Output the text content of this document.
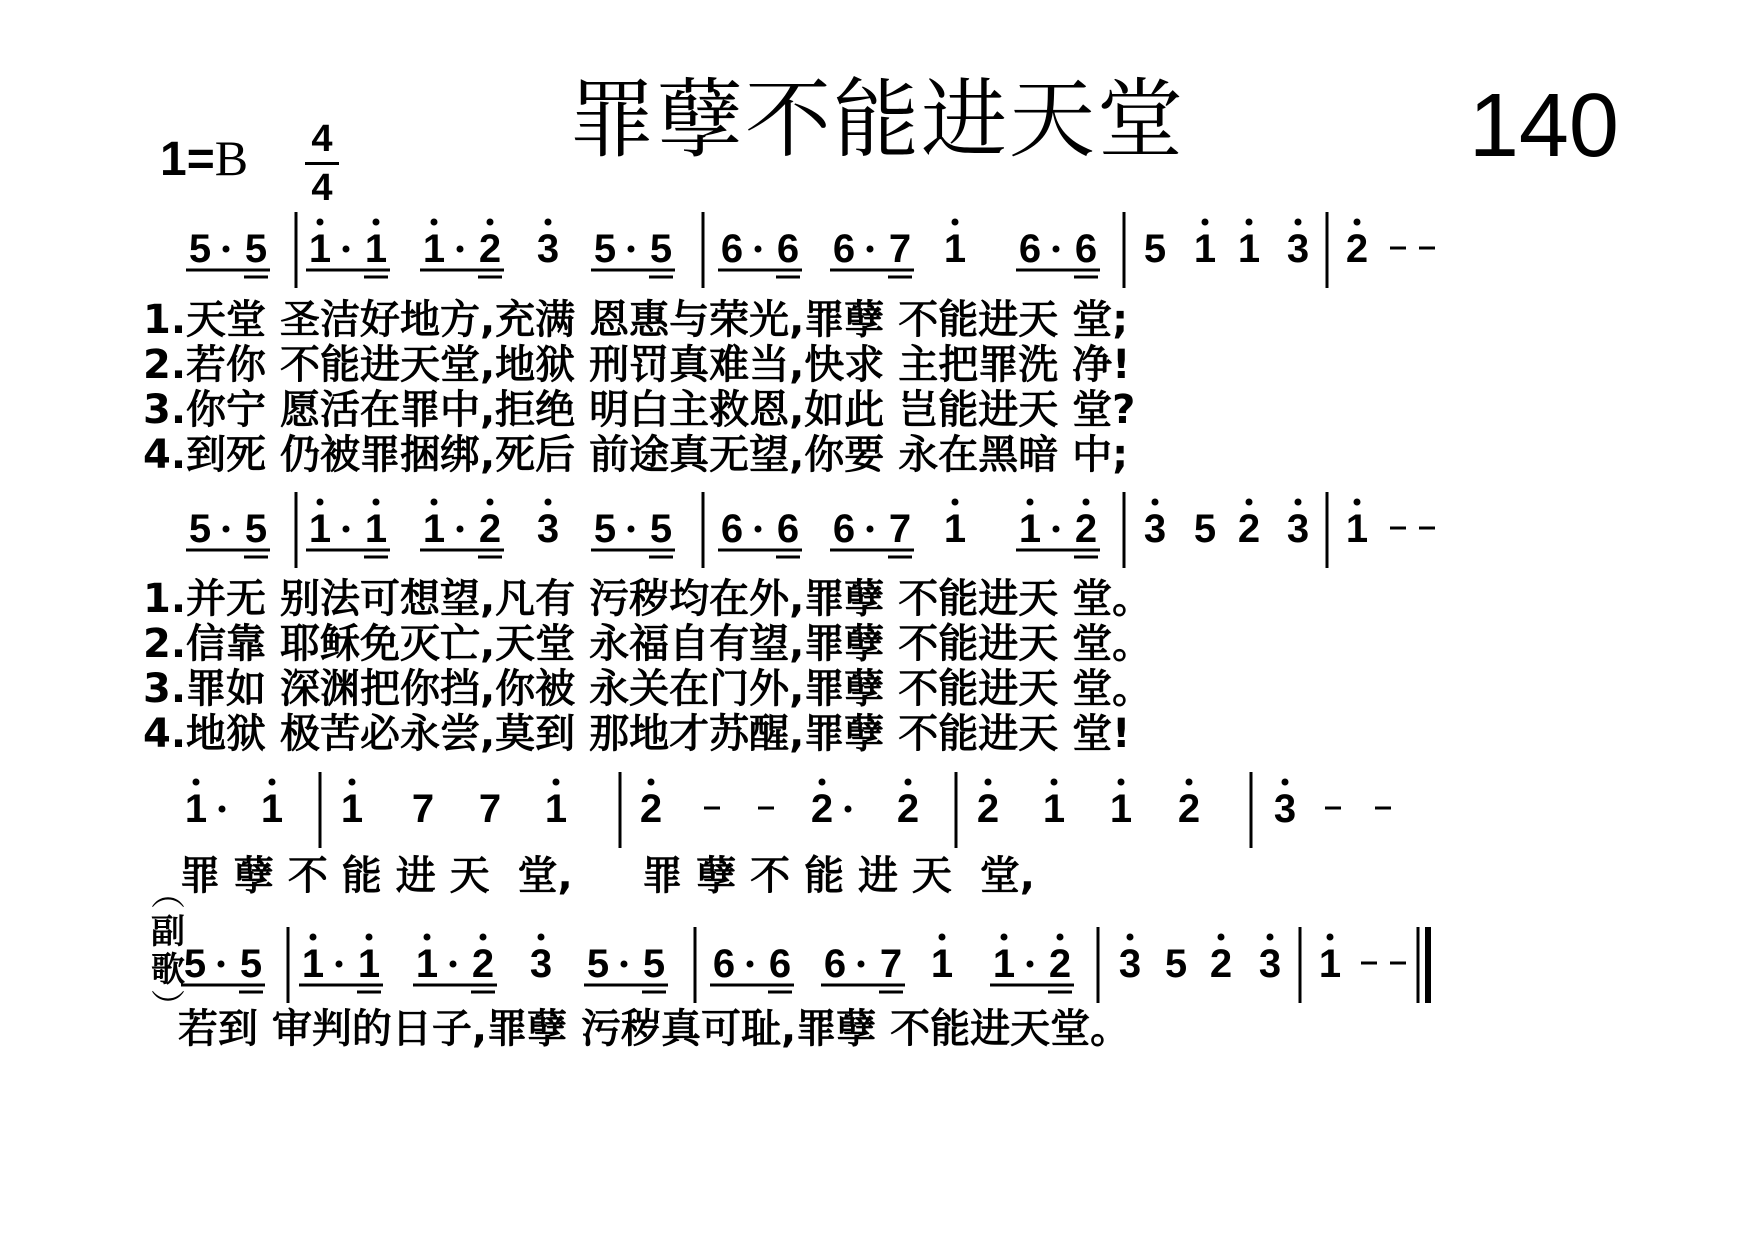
罪孽不能进天堂	140
1=B 4
4
5 5 1 1 1 2 3 5 5 6 6 6 7 1 6 6 5 1 1 3 2
1.天堂 圣洁好地方,充满 恩惠与荣光,罪孽 不能进天 堂;
2.若你 不能进天堂,地狱 刑罚真难当,快求 主把罪洗 净!
3.你宁 愿活在罪中,拒绝 明白主救恩,如此 岂能进天 堂?
4.到死 仍被罪捆绑,死后 前途真无望,你要 永在黑暗 中;
5 5 1 1 1 2 3 5 5 6 6 6 7 1 1 2 3 5 2 3 1
1.并无 别法可想望,凡有 污秽均在外,罪孽 不能进天 堂。
2.信靠 耶稣免灭亡,天堂 永福自有望,罪孽 不能进天 堂。
3.罪如 深渊把你挡,你被 永关在门外,罪孽 不能进天 堂。
4.地狱 极苦必永尝,莫到 那地才苏醒,罪孽 不能进天 堂!
︵
副
歌
︶
1 1 1 7 7 1 2	2 2 2 1 1 2 3
罪 孽 不 能 进 天  堂,     罪 孽 不 能 进 天  堂,
5 5 1 1 1 2 3 5 5 6 6 6 7 1 1 2 3 5 2 3 1
若到 审判的日子,罪孽 污秽真可耻,罪孽 不能进天堂。
